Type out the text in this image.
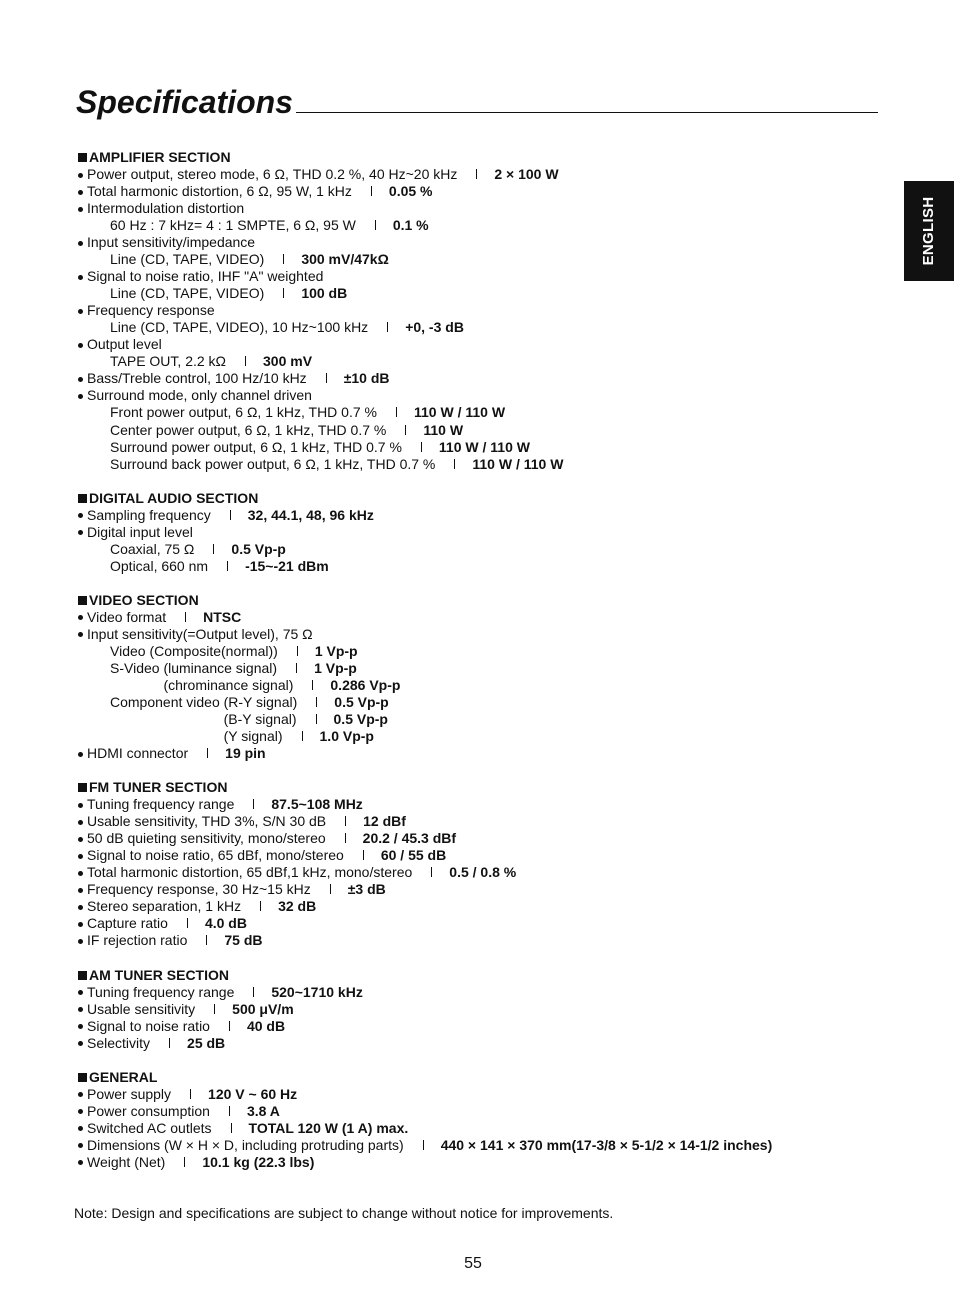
Specifications
ENGLISH
AMPLIFIER SECTION
Power output, stereo mode, 6 Ω, THD 0.2 %, 40 Hz~20 kHz	2 × 100 W
Total harmonic distortion, 6 Ω, 95 W, 1 kHz	0.05 %
Intermodulation distortion
60 Hz : 7 kHz= 4 : 1 SMPTE, 6 Ω, 95 W	0.1 %
Input sensitivity/impedance
Line (CD, TAPE, VIDEO)	300 mV/47kΩ
Signal to noise ratio, IHF "A" weighted
Line (CD, TAPE, VIDEO)	100 dB
Frequency response
Line (CD, TAPE, VIDEO), 10 Hz~100 kHz	+0, -3 dB
Output level
TAPE OUT, 2.2 kΩ	300 mV
Bass/Treble control, 100 Hz/10 kHz	±10 dB
Surround mode, only channel driven
Front power output, 6 Ω, 1 kHz, THD 0.7 %	110 W / 110 W
Center power output, 6 Ω, 1 kHz, THD 0.7 %	110 W
Surround power output, 6 Ω, 1 kHz, THD 0.7 %	110 W / 110 W
Surround back power output, 6 Ω, 1 kHz, THD 0.7 %	110 W / 110 W
DIGITAL AUDIO SECTION
Sampling frequency	32, 44.1, 48, 96 kHz
Digital input level
Coaxial, 75 Ω	0.5 Vp-p
Optical, 660 nm	-15~-21 dBm
VIDEO SECTION
Video format	NTSC
Input sensitivity(=Output level), 75 Ω
Video (Composite(normal))	1 Vp-p
S-Video (luminance signal)	1 Vp-p
(chrominance signal)	0.286 Vp-p
Component video (R-Y signal)	0.5 Vp-p
(B-Y signal)	0.5 Vp-p
(Y signal)	1.0 Vp-p
HDMI connector	19 pin
FM TUNER SECTION
Tuning frequency range	87.5~108 MHz
Usable sensitivity, THD 3%, S/N 30 dB	12 dBf
50 dB quieting sensitivity, mono/stereo	20.2 / 45.3 dBf
Signal to noise ratio, 65 dBf, mono/stereo	60 / 55 dB
Total harmonic distortion, 65 dBf,1 kHz, mono/stereo	0.5 / 0.8 %
Frequency response, 30 Hz~15 kHz	±3 dB
Stereo separation, 1 kHz	32 dB
Capture ratio	4.0 dB
IF rejection ratio	75 dB
AM TUNER SECTION
Tuning frequency range	520~1710 kHz
Usable sensitivity	500 μV/m
Signal to noise ratio	40 dB
Selectivity	25 dB
GENERAL
Power supply	120 V ~ 60 Hz
Power consumption	3.8 A
Switched AC outlets	TOTAL 120 W (1 A) max.
Dimensions (W × H × D, including protruding parts)	440 × 141 × 370 mm(17-3/8 × 5-1/2 × 14-1/2 inches)
Weight (Net)	10.1 kg (22.3 lbs)

Note: Design and specifications are subject to change without notice for improvements.

55
